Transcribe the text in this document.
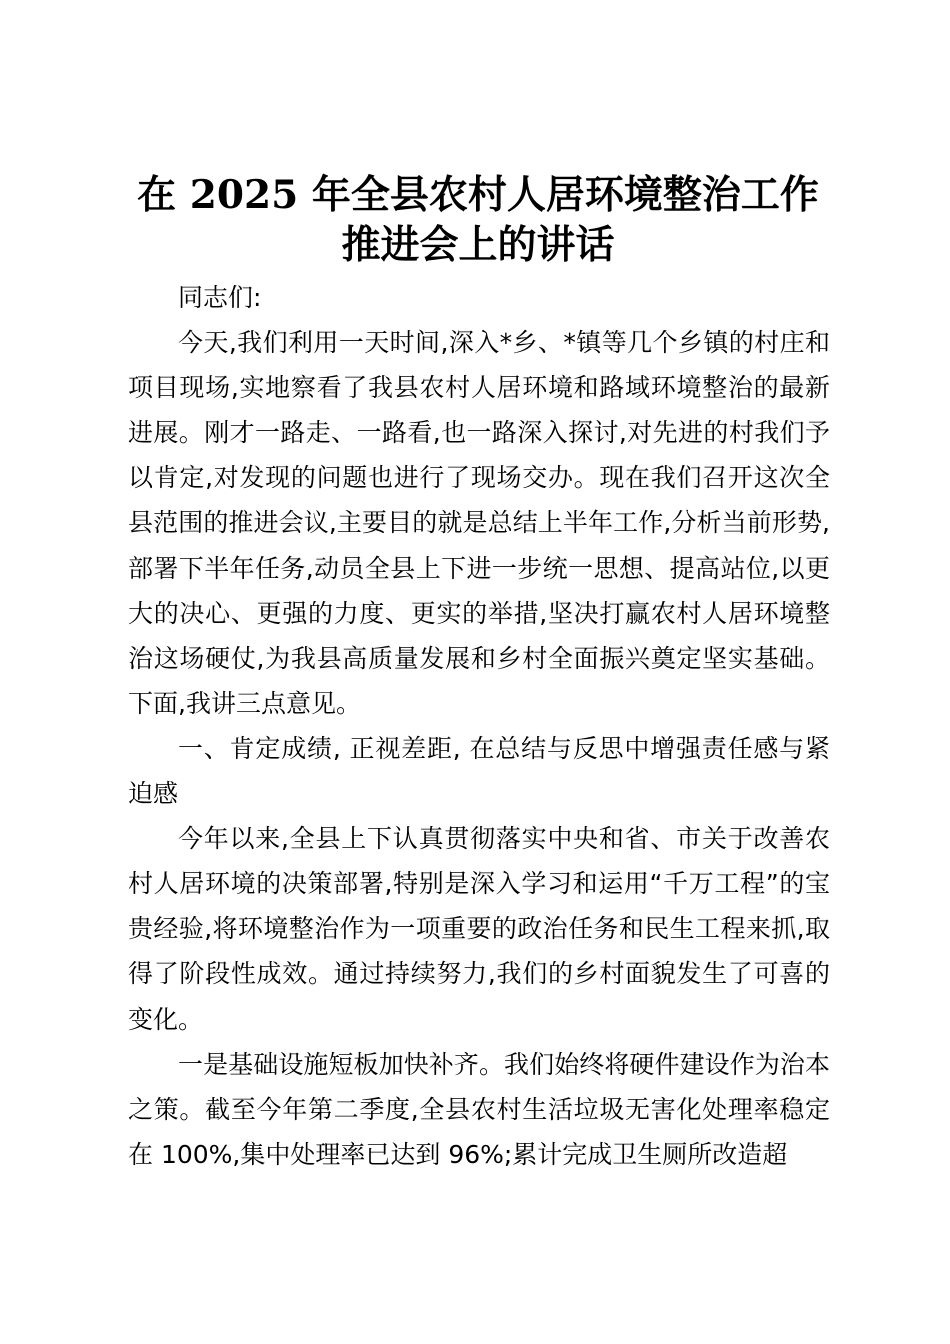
在 2025 年全县农村人居环境整治工作
推进会上的讲话

同志们:

今天,我们利用一天时间,深入*乡、*镇等几个乡镇的村庄和项目现场,实地察看了我县农村人居环境和路域环境整治的最新进展。刚才一路走、一路看,也一路深入探讨,对先进的村我们予以肯定,对发现的问题也进行了现场交办。现在我们召开这次全县范围的推进会议,主要目的就是总结上半年工作,分析当前形势,部署下半年任务,动员全县上下进一步统一思想、提高站位,以更大的决心、更强的力度、更实的举措,坚决打赢农村人居环境整治这场硬仗,为我县高质量发展和乡村全面振兴奠定坚实基础。下面,我讲三点意见。

一、肯定成绩, 正视差距, 在总结与反思中增强责任感与紧迫感

今年以来,全县上下认真贯彻落实中央和省、市关于改善农村人居环境的决策部署,特别是深入学习和运用“千万工程”的宝贵经验,将环境整治作为一项重要的政治任务和民生工程来抓,取得了阶段性成效。通过持续努力,我们的乡村面貌发生了可喜的变化。

一是基础设施短板加快补齐。我们始终将硬件建设作为治本之策。截至今年第二季度,全县农村生活垃圾无害化处理率稳定在 100%,集中处理率已达到 96%;累计完成卫生厕所改造超
